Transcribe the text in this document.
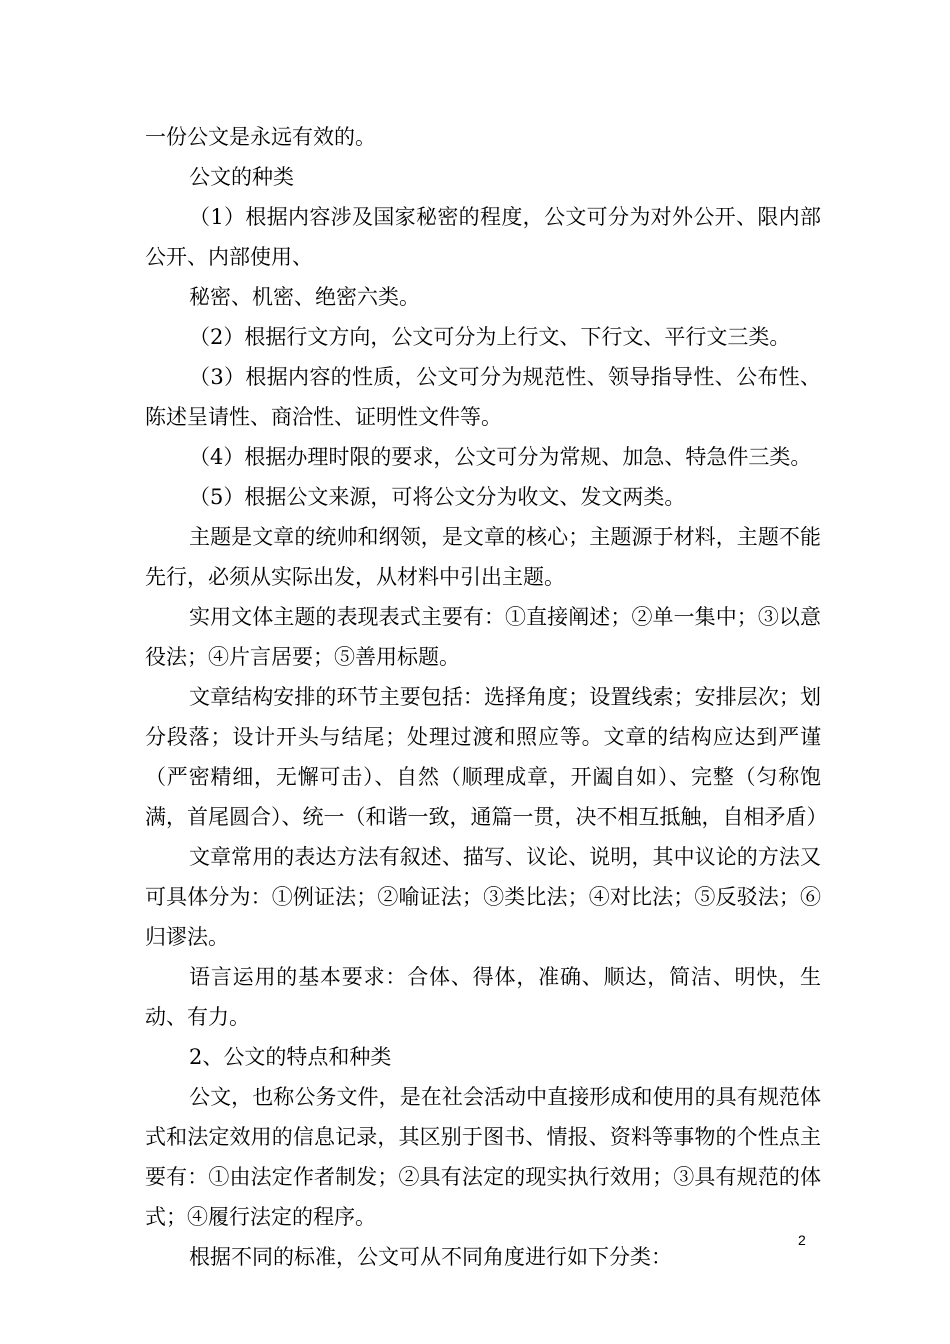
一份公文是永远有效的。

公文的种类

（1）根据内容涉及国家秘密的程度，公文可分为对外公开、限内部公开、内部使用、

秘密、机密、绝密六类。

（2）根据行文方向，公文可分为上行文、下行文、平行文三类。

（3）根据内容的性质，公文可分为规范性、领导指导性、公布性、陈述呈请性、商洽性、证明性文件等。

（4）根据办理时限的要求，公文可分为常规、加急、特急件三类。

（5）根据公文来源，可将公文分为收文、发文两类。

主题是文章的统帅和纲领，是文章的核心；主题源于材料，主题不能先行，必须从实际出发，从材料中引出主题。

实用文体主题的表现表式主要有：①直接阐述；②单一集中；③以意役法；④片言居要；⑤善用标题。

文章结构安排的环节主要包括：选择角度；设置线索；安排层次；划分段落；设计开头与结尾；处理过渡和照应等。文章的结构应达到严谨（严密精细，无懈可击）、自然（顺理成章，开阖自如）、完整（匀称饱满，首尾圆合）、统一（和谐一致，通篇一贯，决不相互抵触，自相矛盾）

文章常用的表达方法有叙述、描写、议论、说明，其中议论的方法又可具体分为：①例证法；②喻证法；③类比法；④对比法；⑤反驳法；⑥归谬法。

语言运用的基本要求：合体、得体，准确、顺达，简洁、明快，生动、有力。

2、公文的特点和种类

公文，也称公务文件，是在社会活动中直接形成和使用的具有规范体式和法定效用的信息记录，其区别于图书、情报、资料等事物的个性点主要有：①由法定作者制发；②具有法定的现实执行效用；③具有规范的体式；④履行法定的程序。

根据不同的标准，公文可从不同角度进行如下分类：

2
